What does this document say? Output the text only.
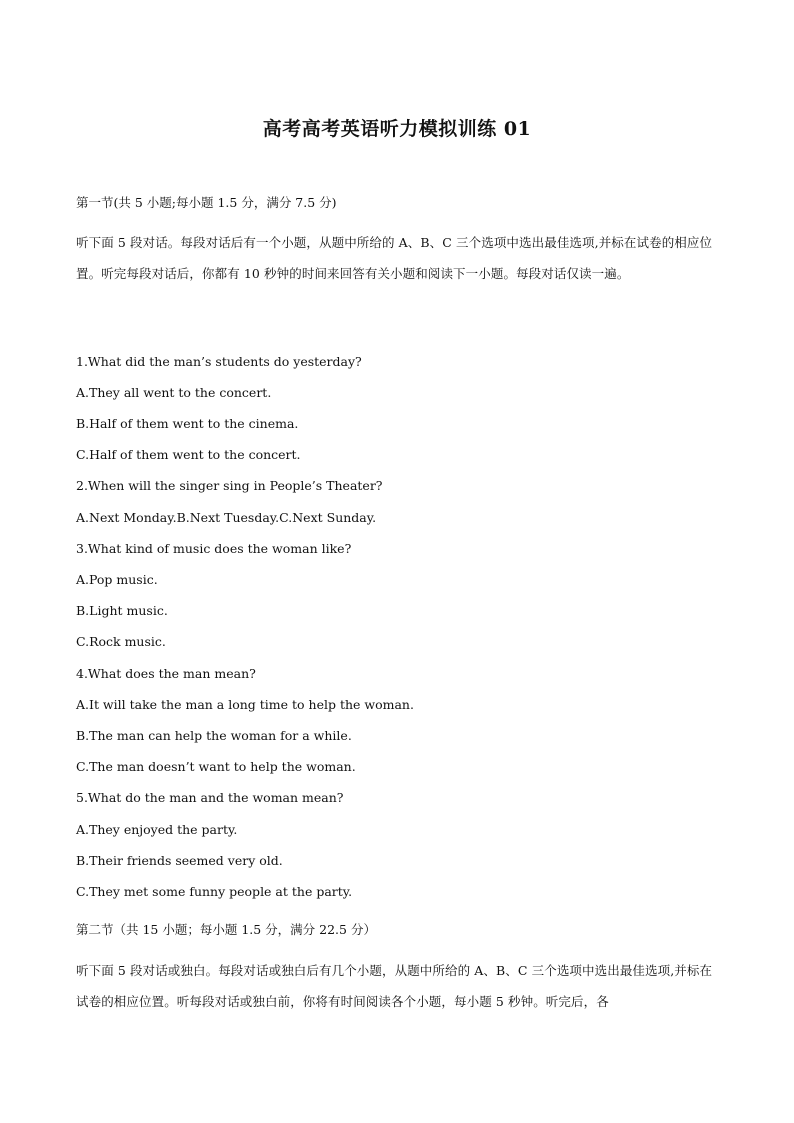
高考高考英语听力模拟训练 01
第一节(共 5 小题;每小题 1.5 分，满分 7.5 分)
听下面 5 段对话。每段对话后有一个小题，从题中所给的 A、B、C 三个选项中选出最佳选项,并标在试卷的相应位置。听完每段对话后，你都有 10 秒钟的时间来回答有关小题和阅读下一小题。每段对话仅读一遍。
1.What did the man’s students do yesterday?
A.They all went to the concert.
B.Half of them went to the cinema.
C.Half of them went to the concert.
2.When will the singer sing in People’s Theater?
A.Next Monday.B.Next Tuesday.C.Next Sunday.
3.What kind of music does the woman like?
A.Pop music.
B.Light music.
C.Rock music.
4.What does the man mean?
A.It will take the man a long time to help the woman.
B.The man can help the woman for a while.
C.The man doesn’t want to help the woman.
5.What do the man and the woman mean?
A.They enjoyed the party.
B.Their friends seemed very old.
C.They met some funny people at the party.
第二节（共 15 小题；每小题 1.5 分，满分 22.5 分）
听下面 5 段对话或独白。每段对话或独白后有几个小题，从题中所给的 A、B、C 三个选项中选出最佳选项,并标在试卷的相应位置。听每段对话或独白前，你将有时间阅读各个小题，每小题 5 秒钟。听完后，各
